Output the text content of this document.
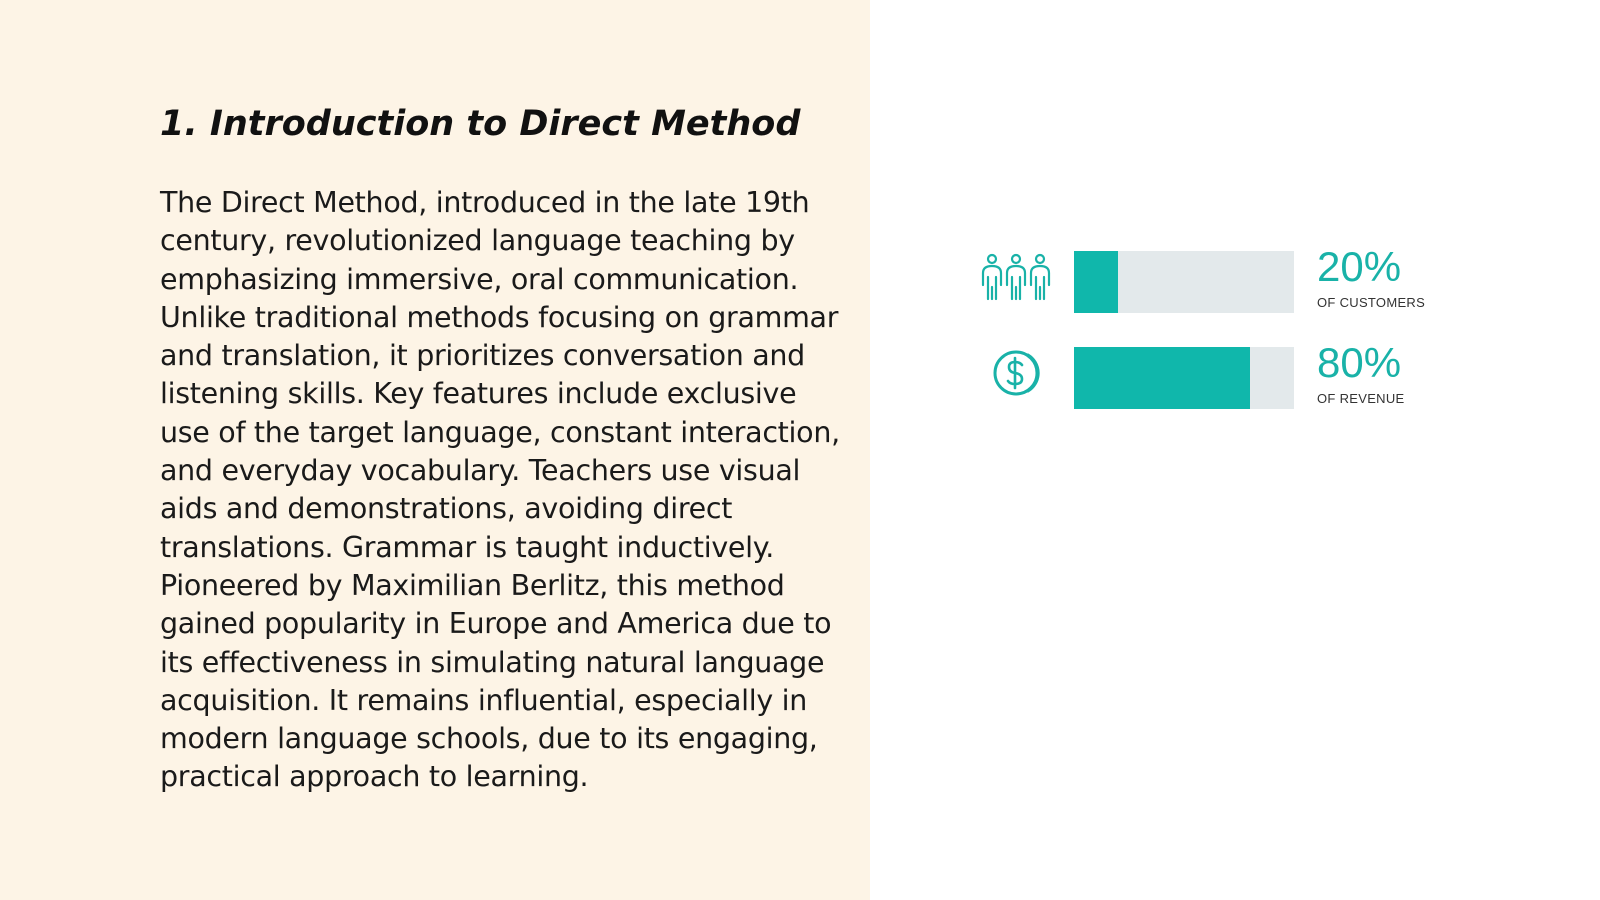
1. Introduction to Direct Method

The Direct Method, introduced in the late 19th century, revolutionized language teaching by emphasizing immersive, oral communication. Unlike traditional methods focusing on grammar and translation, it prioritizes conversation and listening skills. Key features include exclusive use of the target language, constant interaction, and everyday vocabulary. Teachers use visual aids and demonstrations, avoiding direct translations. Grammar is taught inductively. Pioneered by Maximilian Berlitz, this method gained popularity in Europe and America due to its effectiveness in simulating natural language acquisition. It remains influential, especially in modern language schools, due to its engaging, practical approach to learning.

20%
OF CUSTOMERS
80%
OF REVENUE
